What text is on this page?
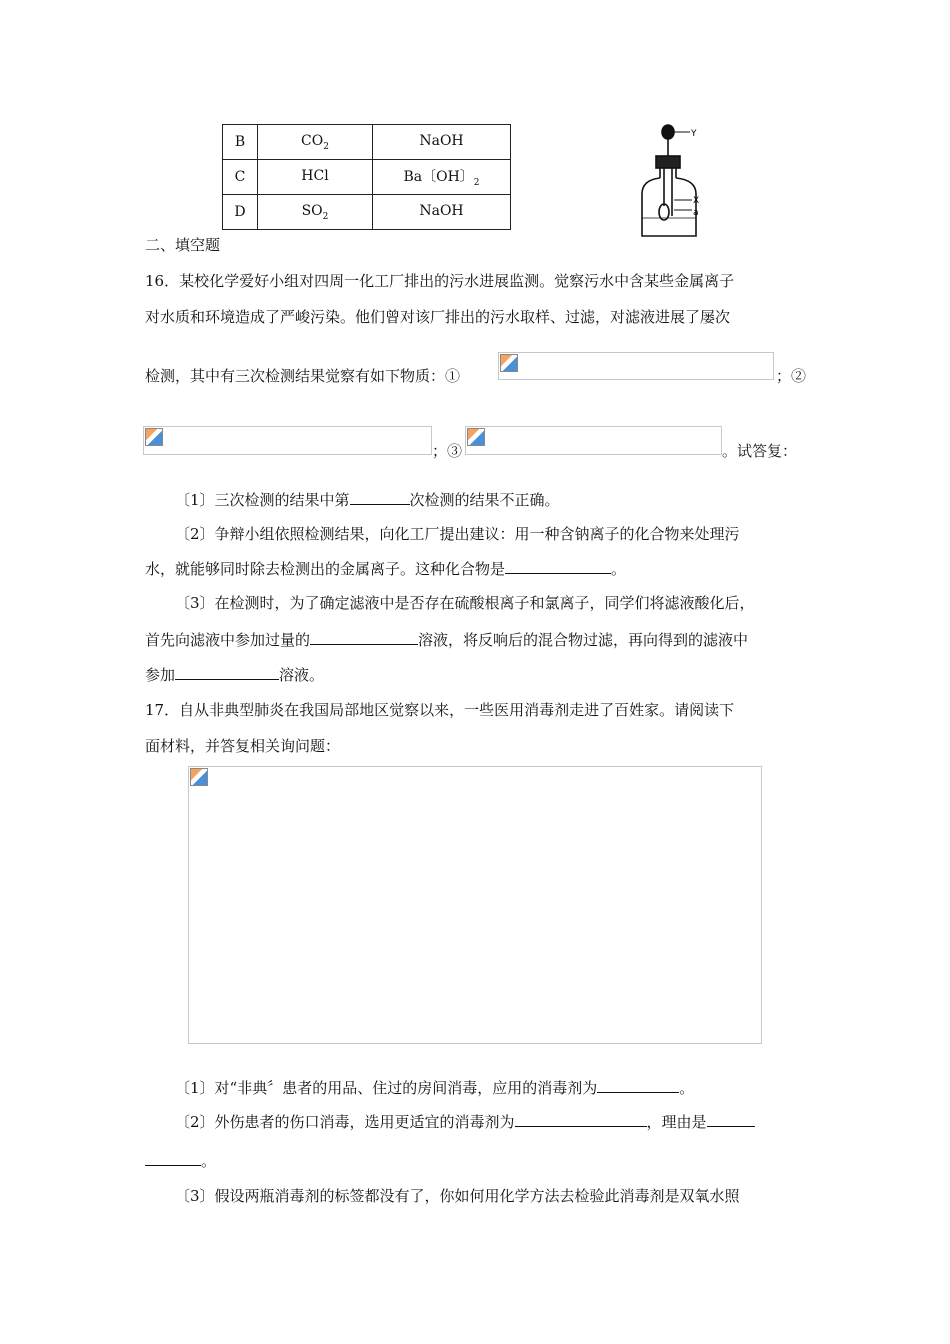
B	$CO_2$	NaOH
C	HCl	Ba〔OH〕$_2$
D	$SO_2$	NaOH
Y
X
a
二、填空题
16．某校化学爱好小组对四周一化工厂排出的污水进展监测。觉察污水中含某些金属离子
对水质和环境造成了严峻污染。他们曾对该厂排出的污水取样、过滤，对滤液进展了屡次
检测，其中有三次检测结果觉察有如下物质：①	；②
；③	。试答复：
〔1〕三次检测的结果中第	次检测的结果不正确。
〔2〕争辩小组依照检测结果，向化工厂提出建议：用一种含钠离子的化合物来处理污
水，就能够同时除去检测出的金属离子。这种化合物是	。
〔3〕在检测时，为了确定滤液中是否存在硫酸根离子和氯离子，同学们将滤液酸化后，
首先向滤液中参加过量的	溶液，将反响后的混合物过滤，再向得到的滤液中
参加	溶液。
17．自从非典型肺炎在我国局部地区觉察以来，一些医用消毒剂走进了百姓家。请阅读下
面材料，并答复相关询问题：
〔1〕对“非典〞患者的用品、住过的房间消毒，应用的消毒剂为	。
〔2〕外伤患者的伤口消毒，选用更适宜的消毒剂为	，理由是
。
〔3〕假设两瓶消毒剂的标签都没有了，你如何用化学方法去检验此消毒剂是双氧水照
